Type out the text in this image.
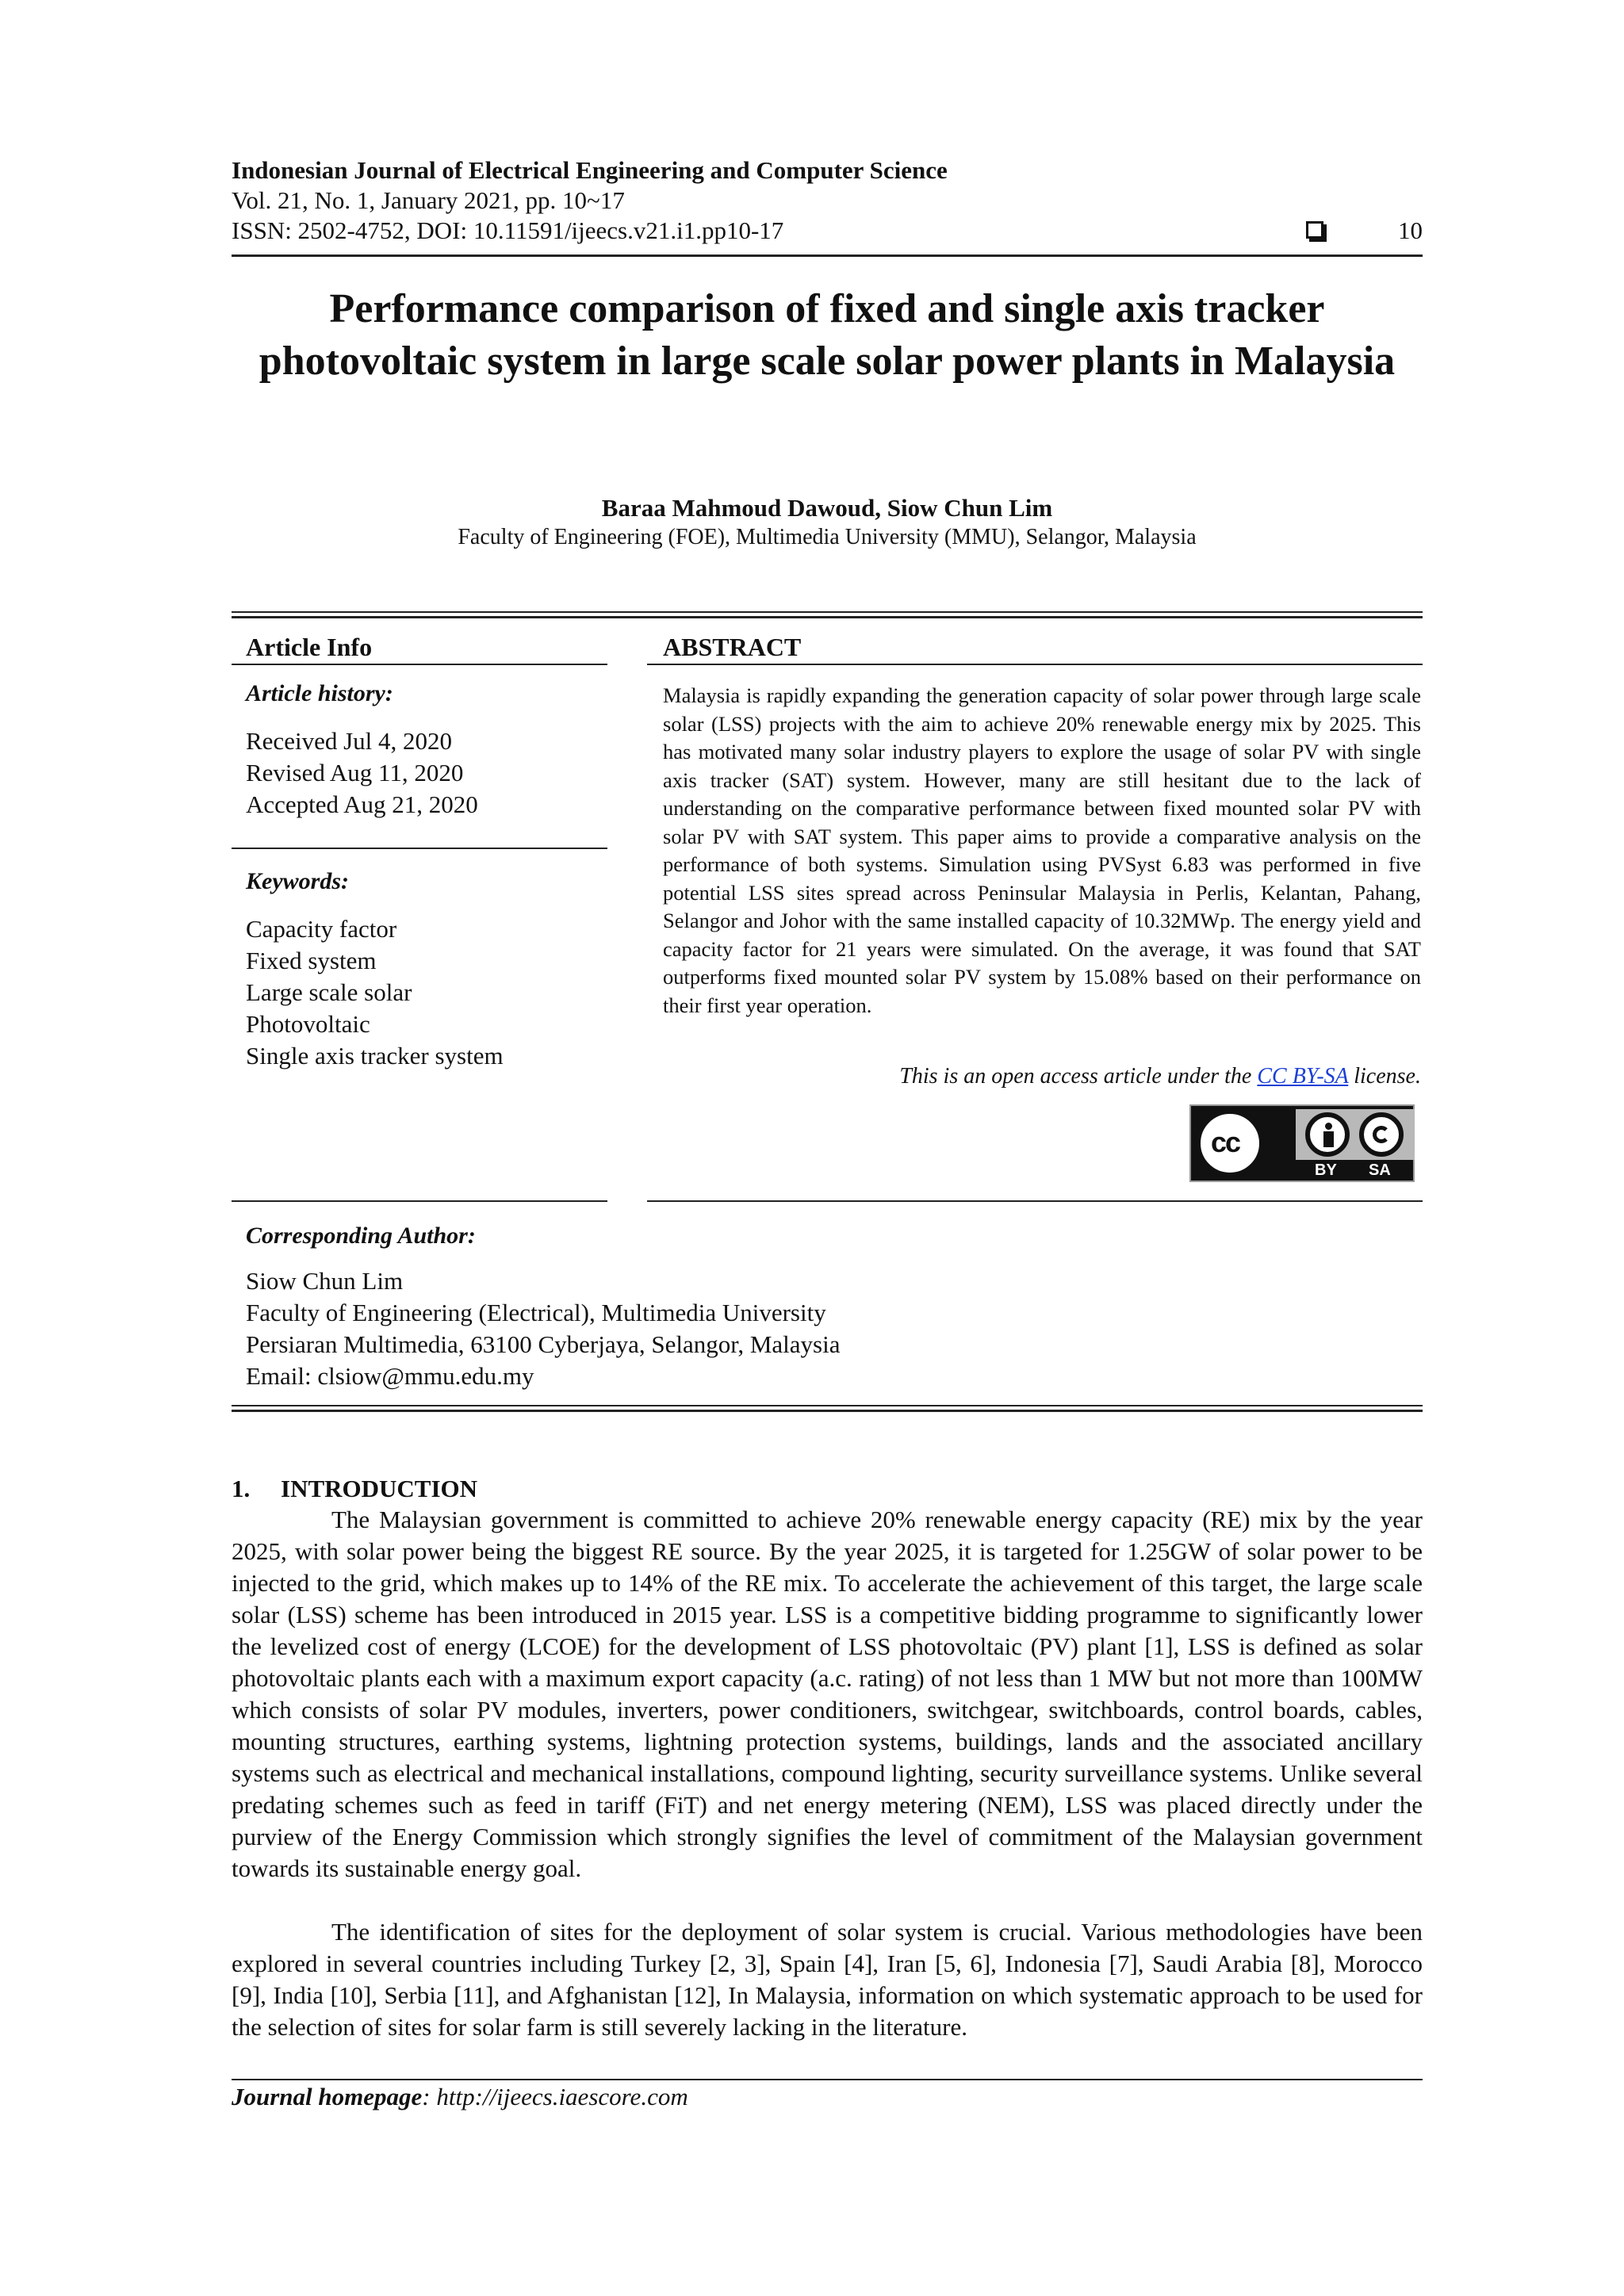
Indonesian Journal of Electrical Engineering and Computer Science
Vol. 21, No. 1, January 2021, pp. 10~17
ISSN: 2502-4752, DOI: 10.11591/ijeecs.v21.i1.pp10-17	10
Performance comparison of fixed and single axis tracker photovoltaic system in large scale solar power plants in Malaysia
Baraa Mahmoud Dawoud, Siow Chun Lim
Faculty of Engineering (FOE), Multimedia University (MMU), Selangor, Malaysia
Article Info
Article history:
Received Jul 4, 2020
Revised Aug 11, 2020
Accepted Aug 21, 2020
Keywords:
Capacity factor
Fixed system
Large scale solar
Photovoltaic
Single axis tracker system
ABSTRACT
Malaysia is rapidly expanding the generation capacity of solar power through large scale solar (LSS) projects with the aim to achieve 20% renewable energy mix by 2025. This has motivated many solar industry players to explore the usage of solar PV with single axis tracker (SAT) system. However, many are still hesitant due to the lack of understanding on the comparative performance between fixed mounted solar PV with solar PV with SAT system. This paper aims to provide a comparative analysis on the performance of both systems. Simulation using PVSyst 6.83 was performed in five potential LSS sites spread across Peninsular Malaysia in Perlis, Kelantan, Pahang, Selangor and Johor with the same installed capacity of 10.32MWp. The energy yield and capacity factor for 21 years were simulated. On the average, it was found that SAT outperforms fixed mounted solar PV system by 15.08% based on their performance on their first year operation.
This is an open access article under the CC BY-SA license.
cc
BY SA
Corresponding Author:
Siow Chun Lim
Faculty of Engineering (Electrical), Multimedia University
Persiaran Multimedia, 63100 Cyberjaya, Selangor, Malaysia
Email: clsiow@mmu.edu.my
1.     INTRODUCTION
The Malaysian government is committed to achieve 20% renewable energy capacity (RE) mix by the year 2025, with solar power being the biggest RE source. By the year 2025, it is targeted for 1.25GW of solar power to be injected to the grid, which makes up to 14% of the RE mix. To accelerate the achievement of this target, the large scale solar (LSS) scheme has been introduced in 2015 year. LSS is a competitive bidding programme to significantly lower the levelized cost of energy (LCOE) for the development of LSS photovoltaic (PV) plant [1], LSS is defined as solar photovoltaic plants each with a maximum export capacity (a.c. rating) of not less than 1 MW but not more than 100MW which consists of solar PV modules, inverters, power conditioners, switchgear, switchboards, control boards, cables, mounting structures, earthing systems, lightning protection systems, buildings, lands and the associated ancillary systems such as electrical and mechanical installations, compound lighting, security surveillance systems. Unlike several predating schemes such as feed in tariff (FiT) and net energy metering (NEM), LSS was placed directly under the purview of the Energy Commission which strongly signifies the level of commitment of the Malaysian government towards its sustainable energy goal.
The identification of sites for the deployment of solar system is crucial. Various methodologies have been explored in several countries including Turkey [2, 3], Spain [4], Iran [5, 6], Indonesia [7], Saudi Arabia [8], Morocco [9], India [10], Serbia [11], and Afghanistan [12], In Malaysia, information on which systematic approach to be used for the selection of sites for solar farm is still severely lacking in the literature.
Journal homepage: http://ijeecs.iaescore.com
